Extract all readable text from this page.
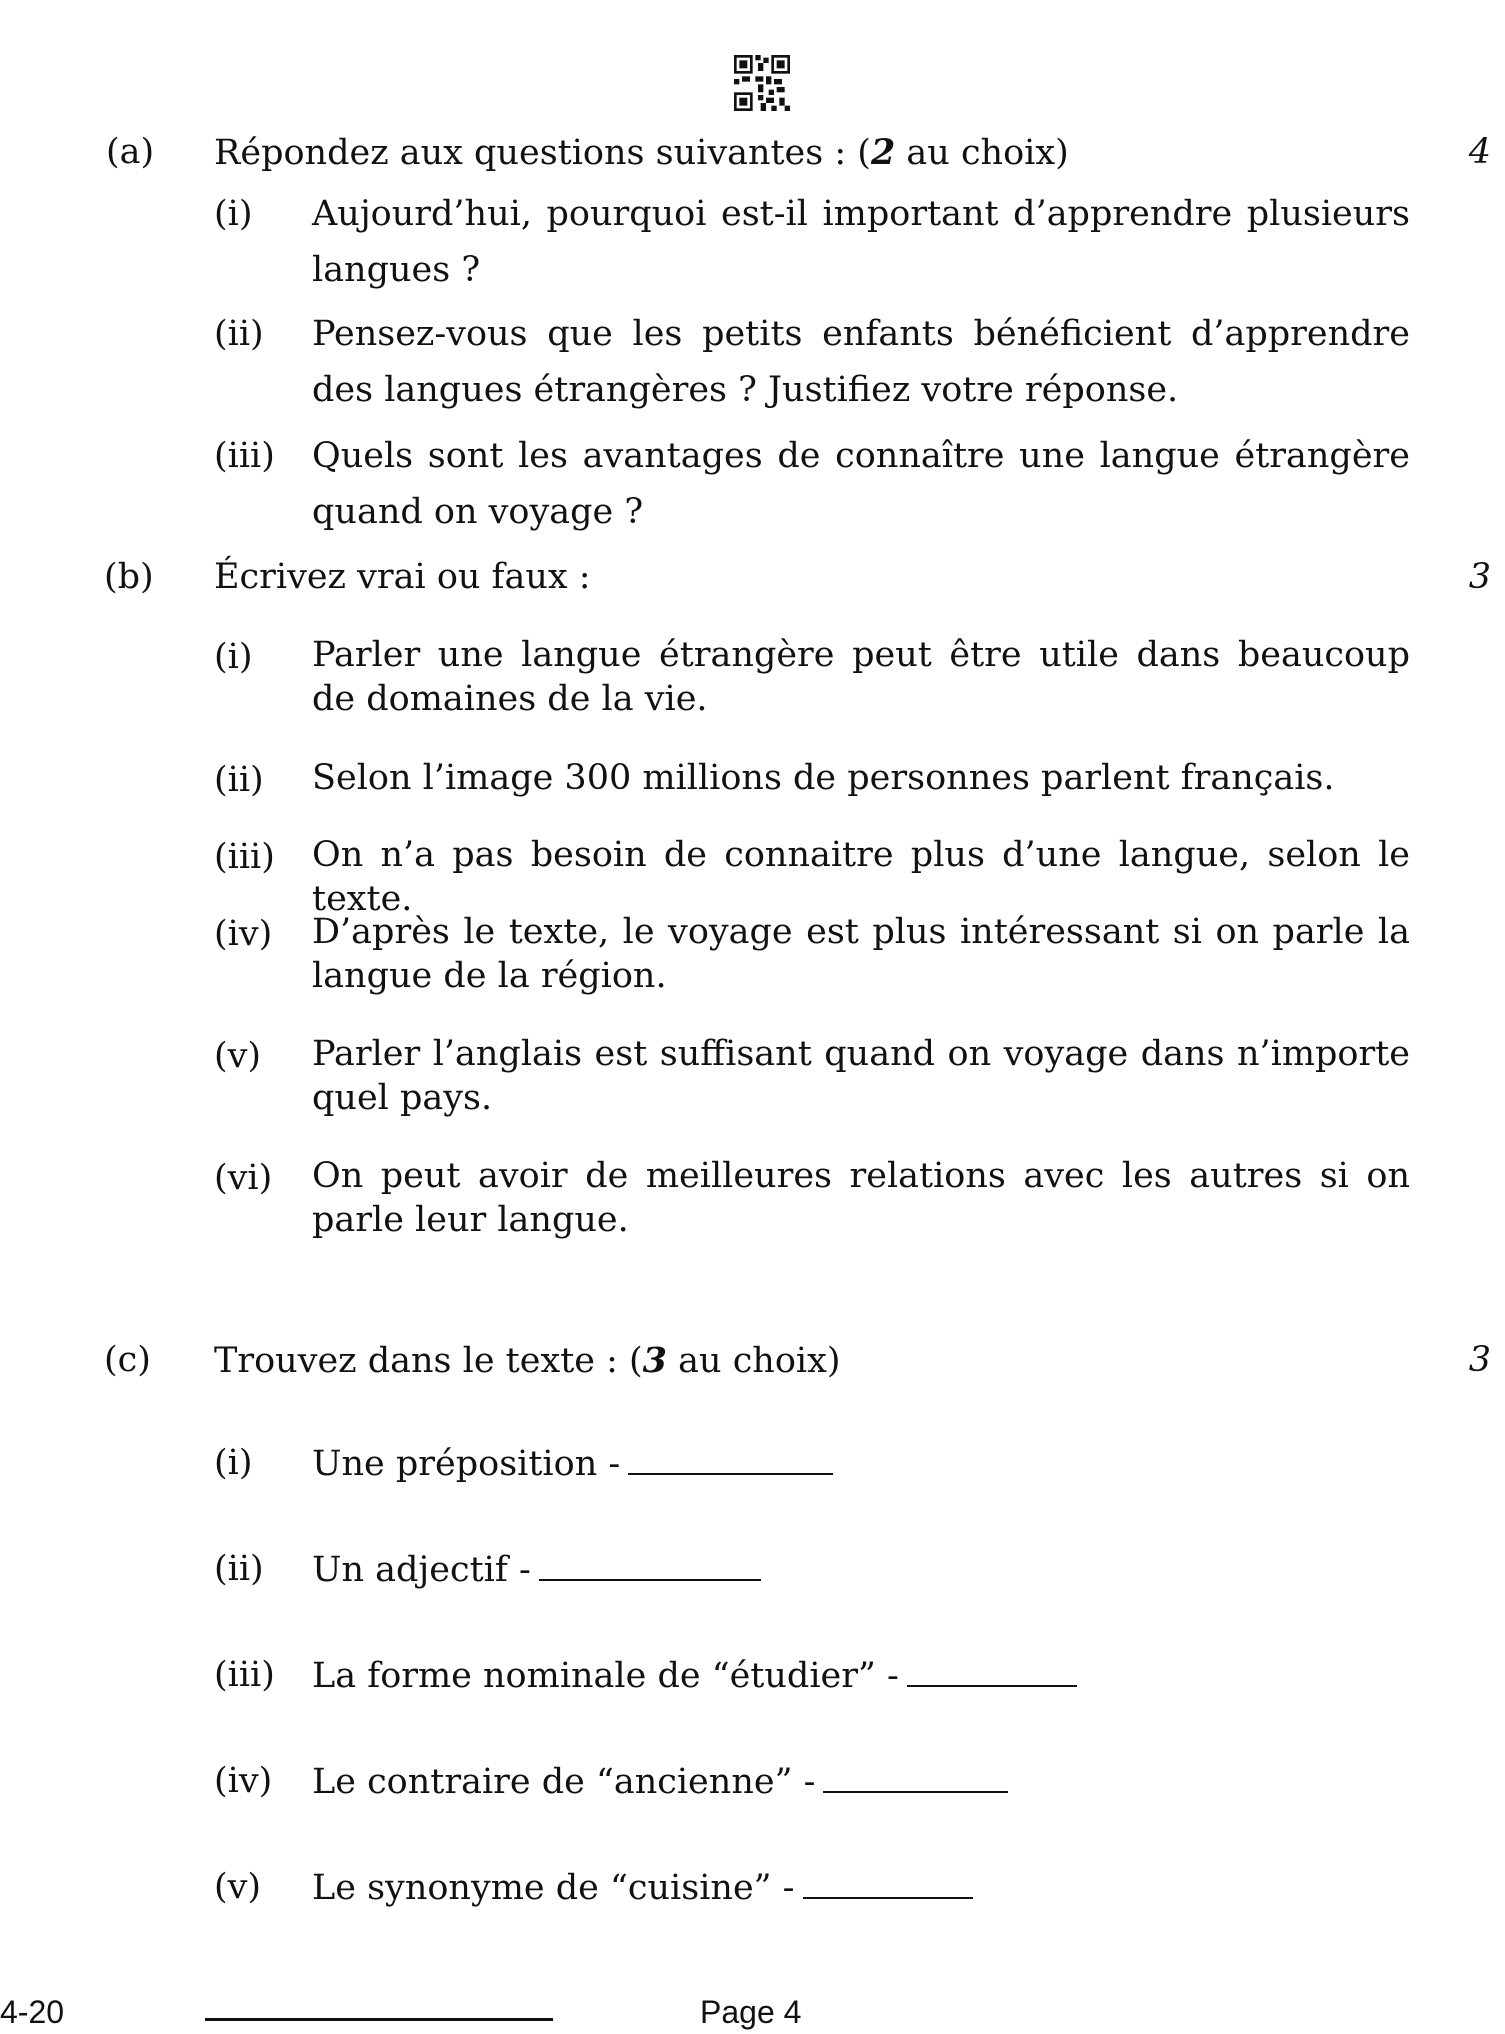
(a) Répondez aux questions suivantes : (2 au choix)	4
(i) Aujourd’hui, pourquoi est-il important d’apprendre plusieurs langues ?
(ii) Pensez-vous que les petits enfants bénéficient d’apprendre des langues étrangères ? Justifiez votre réponse.
(iii) Quels sont les avantages de connaître une langue étrangère quand on voyage ?
(b) Écrivez vrai ou faux :	3
(i) Parler une langue étrangère peut être utile dans beaucoup de domaines de la vie.
(ii) Selon l’image 300 millions de personnes parlent français.
(iii) On n’a pas besoin de connaitre plus d’une langue, selon le texte.
(iv) D’après le texte, le voyage est plus intéressant si on parle la langue de la région.
(v) Parler l’anglais est suffisant quand on voyage dans n’importe quel pays.
(vi) On peut avoir de meilleures relations avec les autres si on parle leur langue.
(c) Trouvez dans le texte : (3 au choix)	3
(i) Une préposition -
(ii) Un adjectif -
(iii) La forme nominale de “étudier” -
(iv) Le contraire de “ancienne” -
(v) Le synonyme de “cuisine” -
4-20	Page 4
